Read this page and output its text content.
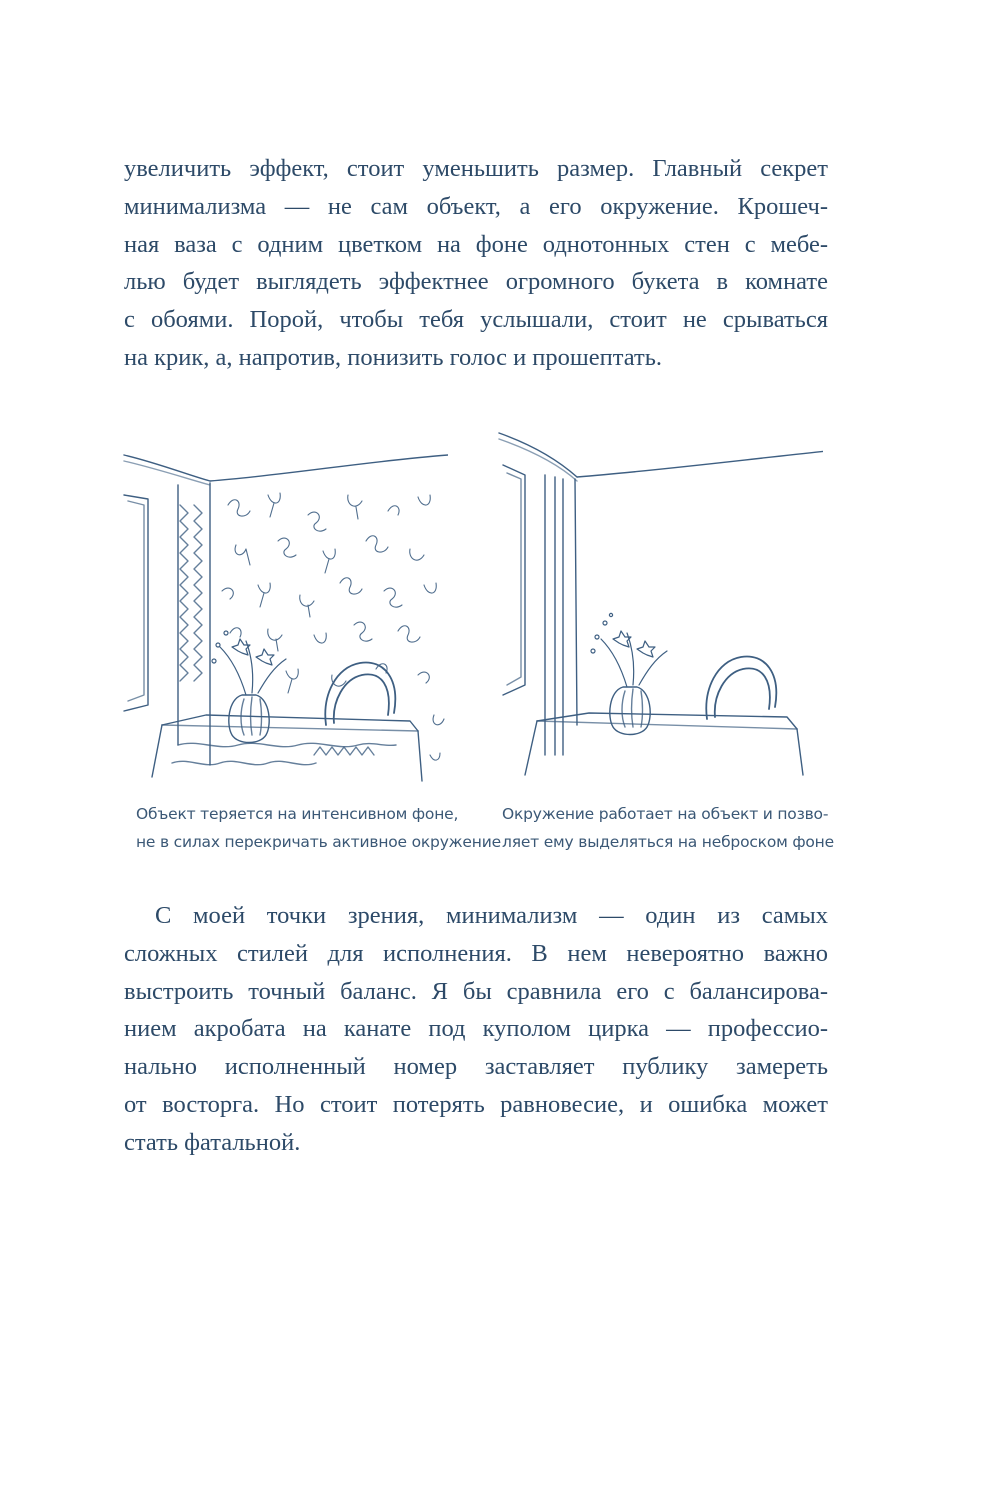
увеличить эффект, стоит уменьшить размер. Главный секрет
минимализма — не сам объект, а его окружение. Крошеч-
ная ваза с одним цветком на фоне однотонных стен с мебе-
лью будет выглядеть эффектнее огромного букета в комнате
с обоями. Порой, чтобы тебя услышали, стоит не срываться
на крик, а, напротив, понизить голос и прошептать.

Объект теряется на интенсивном фоне,
не в силах перекричать активное окружение
Окружение работает на объект и позво-
ляет ему выделяться на неброском фоне

С моей точки зрения, минимализм — один из самых
сложных стилей для исполнения. В нем невероятно важно
выстроить точный баланс. Я бы сравнила его с балансирова-
нием акробата на канате под куполом цирка — профессио-
нально исполненный номер заставляет публику замереть
от восторга. Но стоит потерять равновесие, и ошибка может
стать фатальной.
